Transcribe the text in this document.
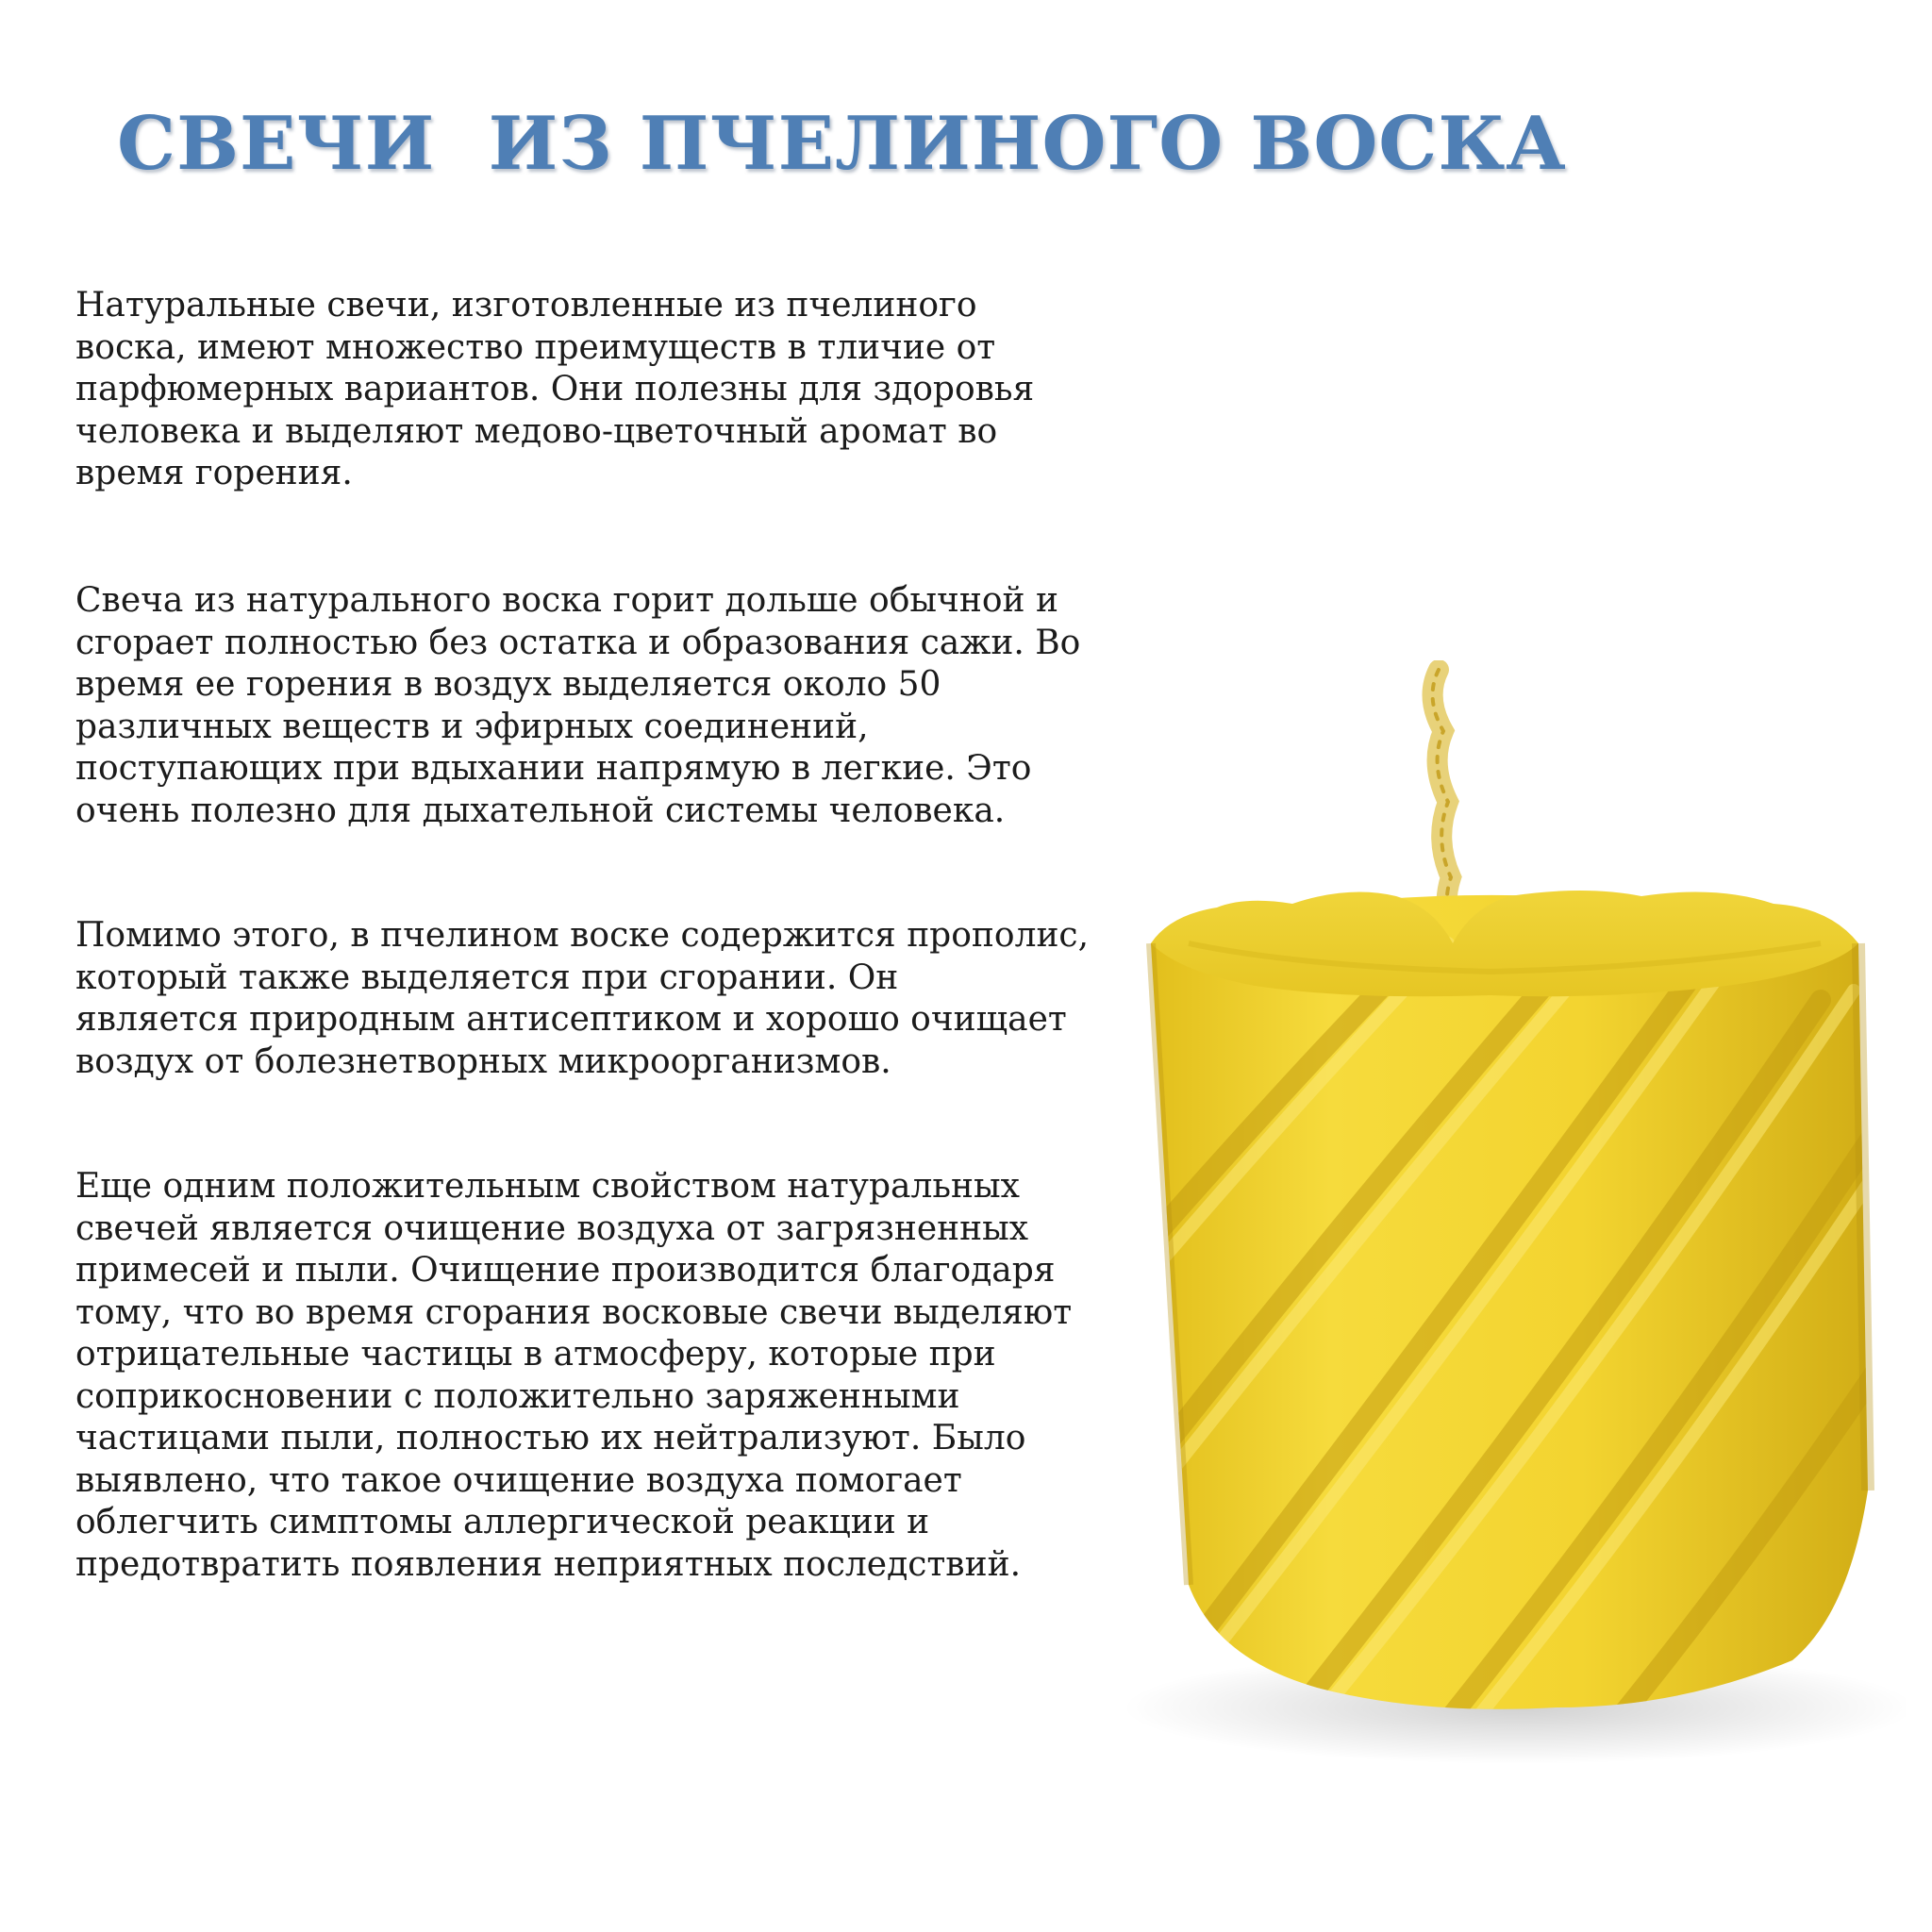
СВЕЧИ  ИЗ ПЧЕЛИНОГО ВОСКА

Натуральные свечи, изготовленные из пчелиного
воска, имеют множество преимуществ в тличие от
парфюмерных вариантов. Они полезны для здоровья
человека и выделяют медово-цветочный аромат во
время горения.

Свеча из натурального воска горит дольше обычной и
сгорает полностью без остатка и образования сажи. Во
время ее горения в воздух выделяется около 50
различных веществ и эфирных соединений,
поступающих при вдыхании напрямую в легкие. Это
очень полезно для дыхательной системы человека.

Помимо этого, в пчелином воске содержится прополис,
который также выделяется при сгорании. Он
является природным антисептиком и хорошо очищает
воздух от болезнетворных микроорганизмов.

Еще одним положительным свойством натуральных
свечей является очищение воздуха от загрязненных
примесей и пыли. Очищение производится благодаря
тому, что во время сгорания восковые свечи выделяют
отрицательные частицы в атмосферу, которые при
соприкосновении с положительно заряженными
частицами пыли, полностью их нейтрализуют. Было
выявлено, что такое очищение воздуха помогает
облегчить симптомы аллергической реакции и
предотвратить появления неприятных последствий.
